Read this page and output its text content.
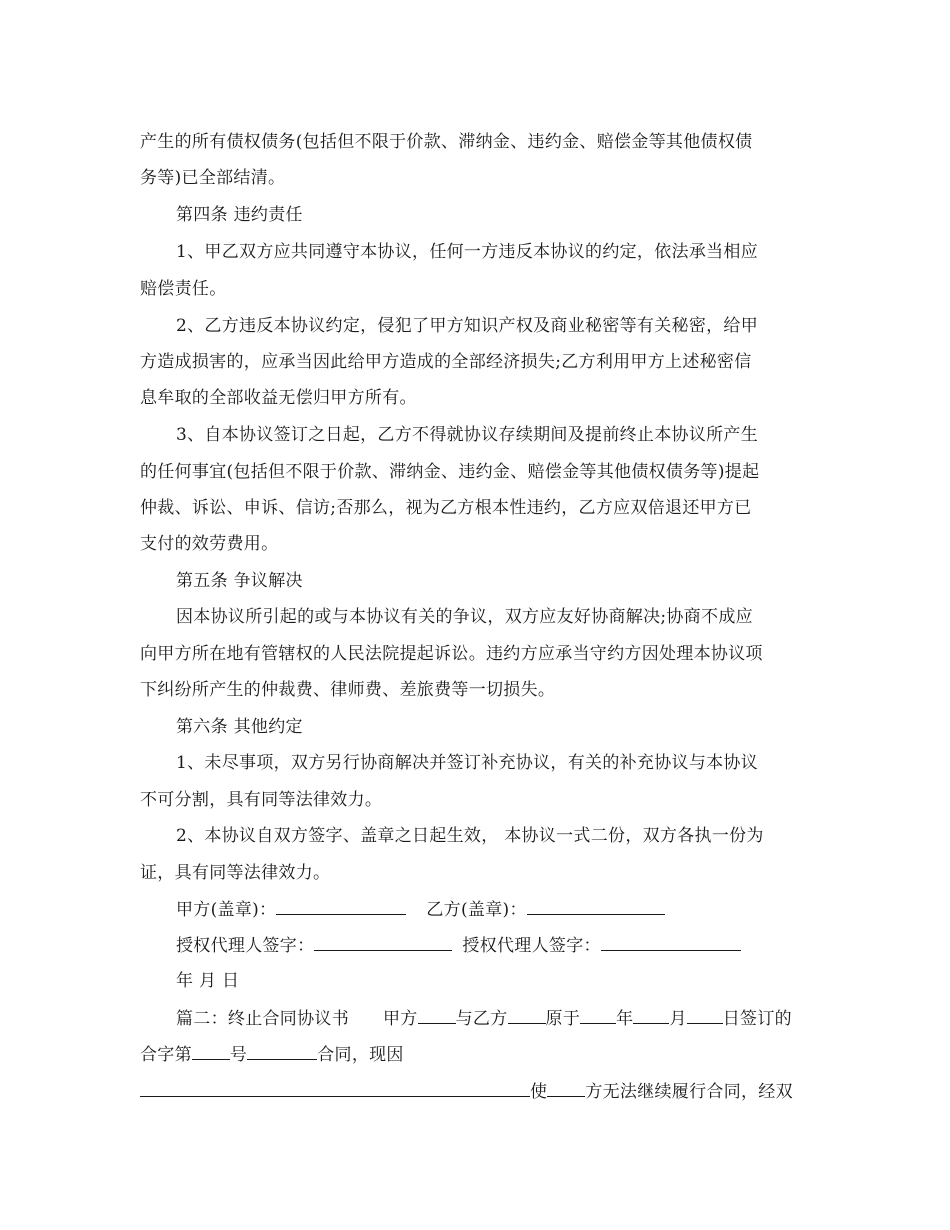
产生的所有债权债务(包括但不限于价款、滞纳金、违约金、赔偿金等其他债权债
务等)已全部结清。
第四条 违约责任
1、甲乙双方应共同遵守本协议，任何一方违反本协议的约定，依法承当相应
赔偿责任。
2、乙方违反本协议约定，侵犯了甲方知识产权及商业秘密等有关秘密，给甲
方造成损害的，应承当因此给甲方造成的全部经济损失;乙方利用甲方上述秘密信
息牟取的全部收益无偿归甲方所有。
3、自本协议签订之日起，乙方不得就协议存续期间及提前终止本协议所产生
的任何事宜(包括但不限于价款、滞纳金、违约金、赔偿金等其他债权债务等)提起
仲裁、诉讼、申诉、信访;否那么，视为乙方根本性违约，乙方应双倍退还甲方已
支付的效劳费用。
第五条 争议解决
因本协议所引起的或与本协议有关的争议，双方应友好协商解决;协商不成应
向甲方所在地有管辖权的人民法院提起诉讼。违约方应承当守约方因处理本协议项
下纠纷所产生的仲裁费、律师费、差旅费等一切损失。
第六条 其他约定
1、未尽事项，双方另行协商解决并签订补充协议，有关的补充协议与本协议
不可分割，具有同等法律效力。
2、本协议自双方签字、盖章之日起生效， 本协议一式二份，双方各执一份为
证，具有同等法律效力。
甲方(盖章)：	乙方(盖章)：
授权代理人签字：	授权代理人签字：
年 月 日
篇二：终止合同协议书 甲方 与乙方 原于 年 月 日签订的
合字第 号	合同，现因
使 方无法继续履行合同，经双
